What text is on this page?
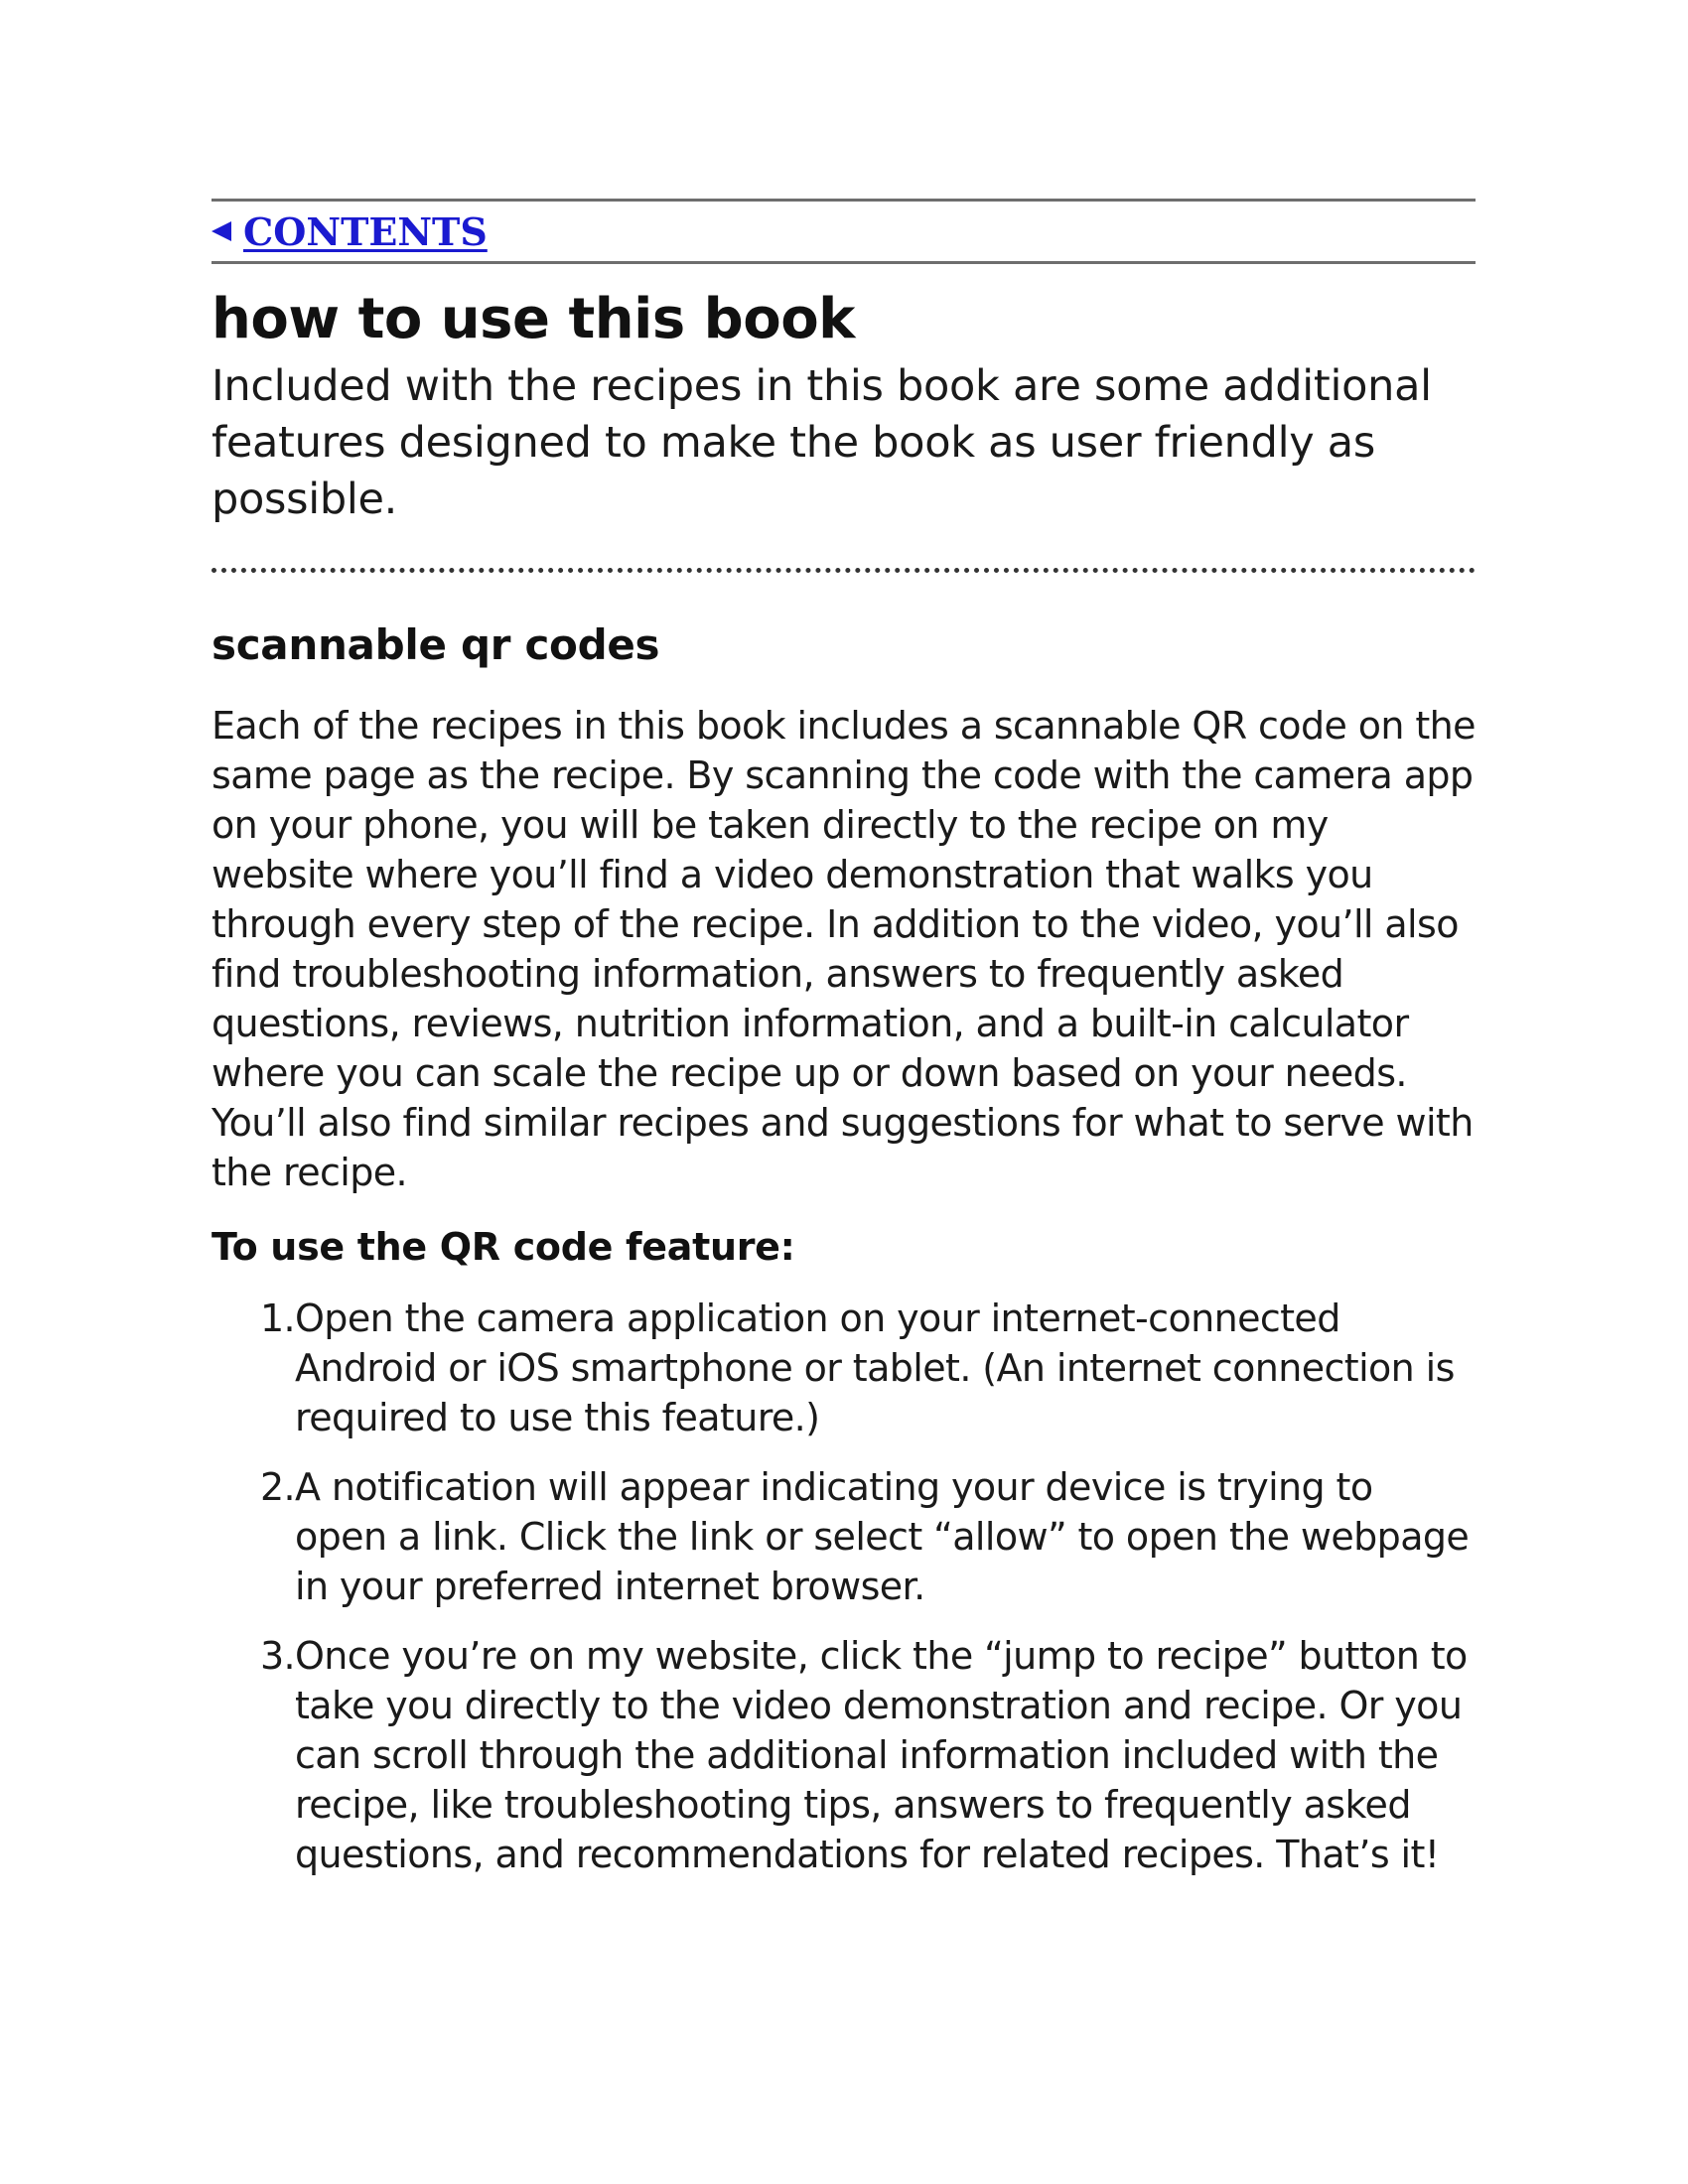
CONTENTS
how to use this book

Included with the recipes in this book are some additional features designed to make the book as user friendly as possible.

scannable qr codes

Each of the recipes in this book includes a scannable QR code on the same page as the recipe. By scanning the code with the camera app on your phone, you will be taken directly to the recipe on my website where you’ll find a video demonstration that walks you through every step of the recipe. In addition to the video, you’ll also find troubleshooting information, answers to frequently asked questions, reviews, nutrition information, and a built-in calculator where you can scale the recipe up or down based on your needs. You’ll also find similar recipes and suggestions for what to serve with the recipe.

To use the QR code feature:
1. Open the camera application on your internet-connected Android or iOS smartphone or tablet. (An internet connection is required to use this feature.)
2. A notification will appear indicating your device is trying to open a link. Click the link or select “allow” to open the webpage in your preferred internet browser.
3. Once you’re on my website, click the “jump to recipe” button to take you directly to the video demonstration and recipe. Or you can scroll through the additional information included with the recipe, like troubleshooting tips, answers to frequently asked questions, and recommendations for related recipes. That’s it!
